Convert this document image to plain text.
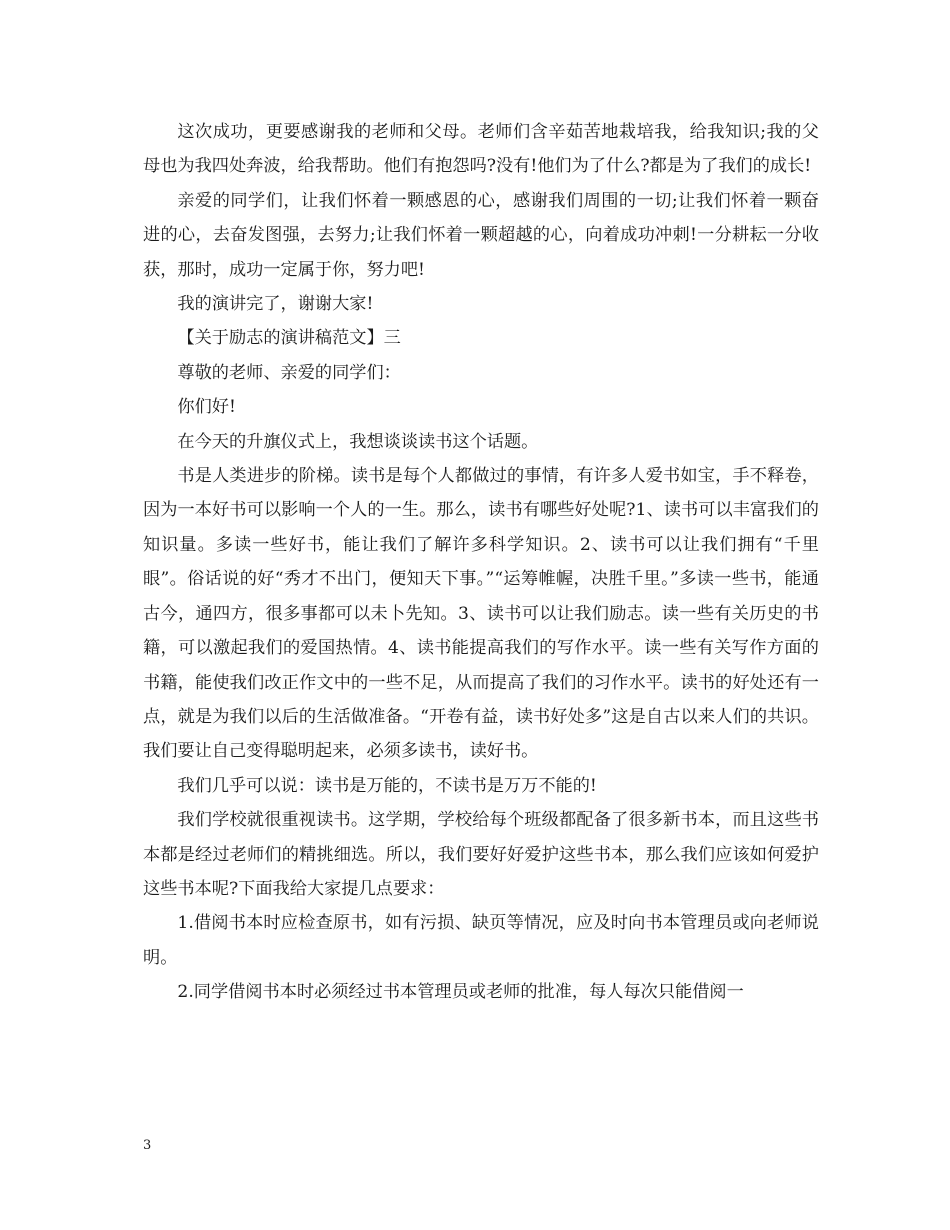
这次成功，更要感谢我的老师和父母。老师们含辛茹苦地栽培我，给我知识;我的父母也为我四处奔波，给我帮助。他们有抱怨吗?没有!他们为了什么?都是为了我们的成长!

亲爱的同学们，让我们怀着一颗感恩的心，感谢我们周围的一切;让我们怀着一颗奋进的心，去奋发图强，去努力;让我们怀着一颗超越的心，向着成功冲刺!一分耕耘一分收获，那时，成功一定属于你，努力吧!

我的演讲完了，谢谢大家!

【关于励志的演讲稿范文】三

尊敬的老师、亲爱的同学们：

你们好!

在今天的升旗仪式上，我想谈谈读书这个话题。

书是人类进步的阶梯。读书是每个人都做过的事情，有许多人爱书如宝，手不释卷，因为一本好书可以影响一个人的一生。那么，读书有哪些好处呢?1、读书可以丰富我们的知识量。多读一些好书，能让我们了解许多科学知识。2、读书可以让我们拥有“千里眼”。俗话说的好“秀才不出门，便知天下事。”“运筹帷幄，决胜千里。”多读一些书，能通古今，通四方，很多事都可以未卜先知。3、读书可以让我们励志。读一些有关历史的书籍，可以激起我们的爱国热情。4、读书能提高我们的写作水平。读一些有关写作方面的书籍，能使我们改正作文中的一些不足，从而提高了我们的习作水平。读书的好处还有一点，就是为我们以后的生活做准备。“开卷有益，读书好处多”这是自古以来人们的共识。我们要让自己变得聪明起来，必须多读书，读好书。

我们几乎可以说：读书是万能的，不读书是万万不能的!

我们学校就很重视读书。这学期，学校给每个班级都配备了很多新书本，而且这些书本都是经过老师们的精挑细选。所以，我们要好好爱护这些书本，那么我们应该如何爱护这些书本呢?下面我给大家提几点要求：

1.借阅书本时应检查原书，如有污损、缺页等情况，应及时向书本管理员或向老师说明。

2.同学借阅书本时必须经过书本管理员或老师的批准，每人每次只能借阅一

3
